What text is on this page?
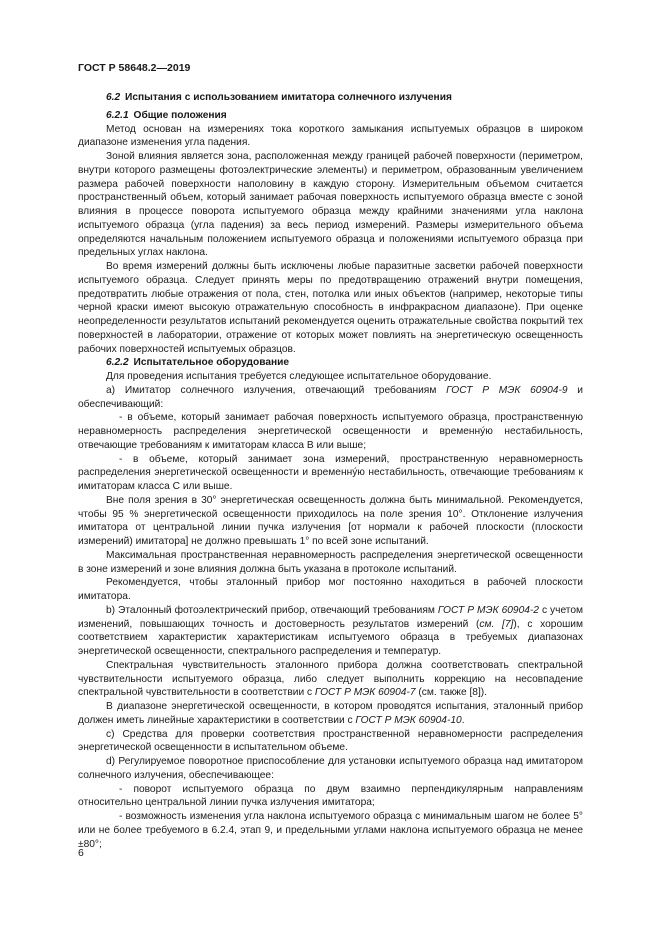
ГОСТ Р 58648.2—2019

6.2 Испытания с использованием имитатора солнечного излучения

6.2.1 Общие положения

Метод основан на измерениях тока короткого замыкания испытуемых образцов в широком диапазоне изменения угла падения.

Зоной влияния является зона, расположенная между границей рабочей поверхности (периметром, внутри которого размещены фотоэлектрические элементы) и периметром, образованным увеличением размера рабочей поверхности наполовину в каждую сторону. Измерительным объемом считается пространственный объем, который занимает рабочая поверхность испытуемого образца вместе с зоной влияния в процессе поворота испытуемого образца между крайними значениями угла наклона испытуемого образца (угла падения) за весь период измерений. Размеры измерительного объема определяются начальным положением испытуемого образца и положениями испытуемого образца при предельных углах наклона.

Во время измерений должны быть исключены любые паразитные засветки рабочей поверхности испытуемого образца. Следует принять меры по предотвращению отражений внутри помещения, предотвратить любые отражения от пола, стен, потолка или иных объектов (например, некоторые типы черной краски имеют высокую отражательную способность в инфракрасном диапазоне). При оценке неопределенности результатов испытаний рекомендуется оценить отражательные свойства покрытий тех поверхностей в лаборатории, отражение от которых может повлиять на энергетическую освещенность рабочих поверхностей испытуемых образцов.

6.2.2 Испытательное оборудование

Для проведения испытания требуется следующее испытательное оборудование.

а) Имитатор солнечного излучения, отвечающий требованиям ГОСТ Р МЭК 60904-9 и обеспечивающий:

- в объеме, который занимает рабочая поверхность испытуемого образца, пространственную неравномерность распределения энергетической освещенности и временну́ю нестабильность, отвечающие требованиям к имитаторам класса В или выше;

- в объеме, который занимает зона измерений, пространственную неравномерность распределения энергетической освещенности и временну́ю нестабильность, отвечающие требованиям к имитаторам класса С или выше.

Вне поля зрения в 30° энергетическая освещенность должна быть минимальной. Рекомендуется, чтобы 95 % энергетической освещенности приходилось на поле зрения 10°. Отклонение излучения имитатора от центральной линии пучка излучения [от нормали к рабочей плоскости (плоскости измерений) имитатора] не должно превышать 1° по всей зоне испытаний.

Максимальная пространственная неравномерность распределения энергетической освещенности в зоне измерений и зоне влияния должна быть указана в протоколе испытаний.

Рекомендуется, чтобы эталонный прибор мог постоянно находиться в рабочей плоскости имитатора.

b) Эталонный фотоэлектрический прибор, отвечающий требованиям ГОСТ Р МЭК 60904-2 с учетом изменений, повышающих точность и достоверность результатов измерений (см. [7]), с хорошим соответствием характеристик характеристикам испытуемого образца в требуемых диапазонах энергетической освещенности, спектрального распределения и температур.

Спектральная чувствительность эталонного прибора должна соответствовать спектральной чувствительности испытуемого образца, либо следует выполнить коррекцию на несовпадение спектральной чувствительности в соответствии с ГОСТ Р МЭК 60904-7 (см. также [8]).

В диапазоне энергетической освещенности, в котором проводятся испытания, эталонный прибор должен иметь линейные характеристики в соответствии с ГОСТ Р МЭК 60904-10.

с) Средства для проверки соответствия пространственной неравномерности распределения энергетической освещенности в испытательном объеме.

d) Регулируемое поворотное приспособление для установки испытуемого образца над имитатором солнечного излучения, обеспечивающее:

- поворот испытуемого образца по двум взаимно перпендикулярным направлениям относительно центральной линии пучка излучения имитатора;

- возможность изменения угла наклона испытуемого образца с минимальным шагом не более 5° или не более требуемого в 6.2.4, этап 9, и предельными углами наклона испытуемого образца не менее ±80°;

6
